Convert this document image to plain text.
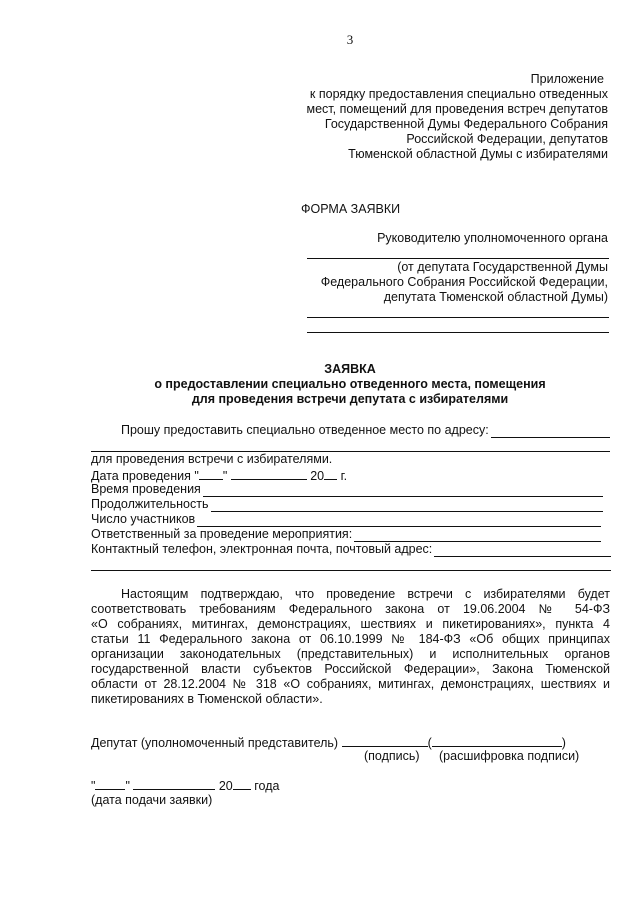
3
Приложение
к порядку предоставления специально отведенных
мест, помещений для проведения встреч депутатов
Государственной Думы Федерального Собрания
Российской Федерации, депутатов
Тюменской областной Думы с избирателями
ФОРМА ЗАЯВКИ
Руководителю уполномоченного органа
(от депутата Государственной Думы
Федерального Собрания Российской Федерации,
депутата Тюменской областной Думы)
ЗАЯВКА
о предоставлении специально отведенного места, помещения
для проведения встречи депутата с избирателями
Прошу предоставить специально отведенное место по адресу:
для проведения встречи с избирателями.
Дата проведения " "	20 г.
Время проведения
Продолжительность
Число участников
Ответственный за проведение мероприятия:
Контактный телефон, электронная почта, почтовый адрес:
Настоящим подтверждаю, что проведение встречи с избирателями будет
соответствовать требованиям Федерального закона от 19.06.2004 № 54-ФЗ
«О собраниях, митингах, демонстрациях, шествиях и пикетированиях», пункта 4
статьи 11 Федерального закона от 06.10.1999 № 184-ФЗ «Об общих принципах
организации законодательных (представительных) и исполнительных органов
государственной власти субъектов Российской Федерации», Закона Тюменской
области от 28.12.2004 № 318 «О собраниях, митингах, демонстрациях, шествиях и
пикетированиях в Тюменской области».
Депутат (уполномоченный представитель)	(	)
(подпись) (расшифровка подписи)
" "	20 года
(дата подачи заявки)
